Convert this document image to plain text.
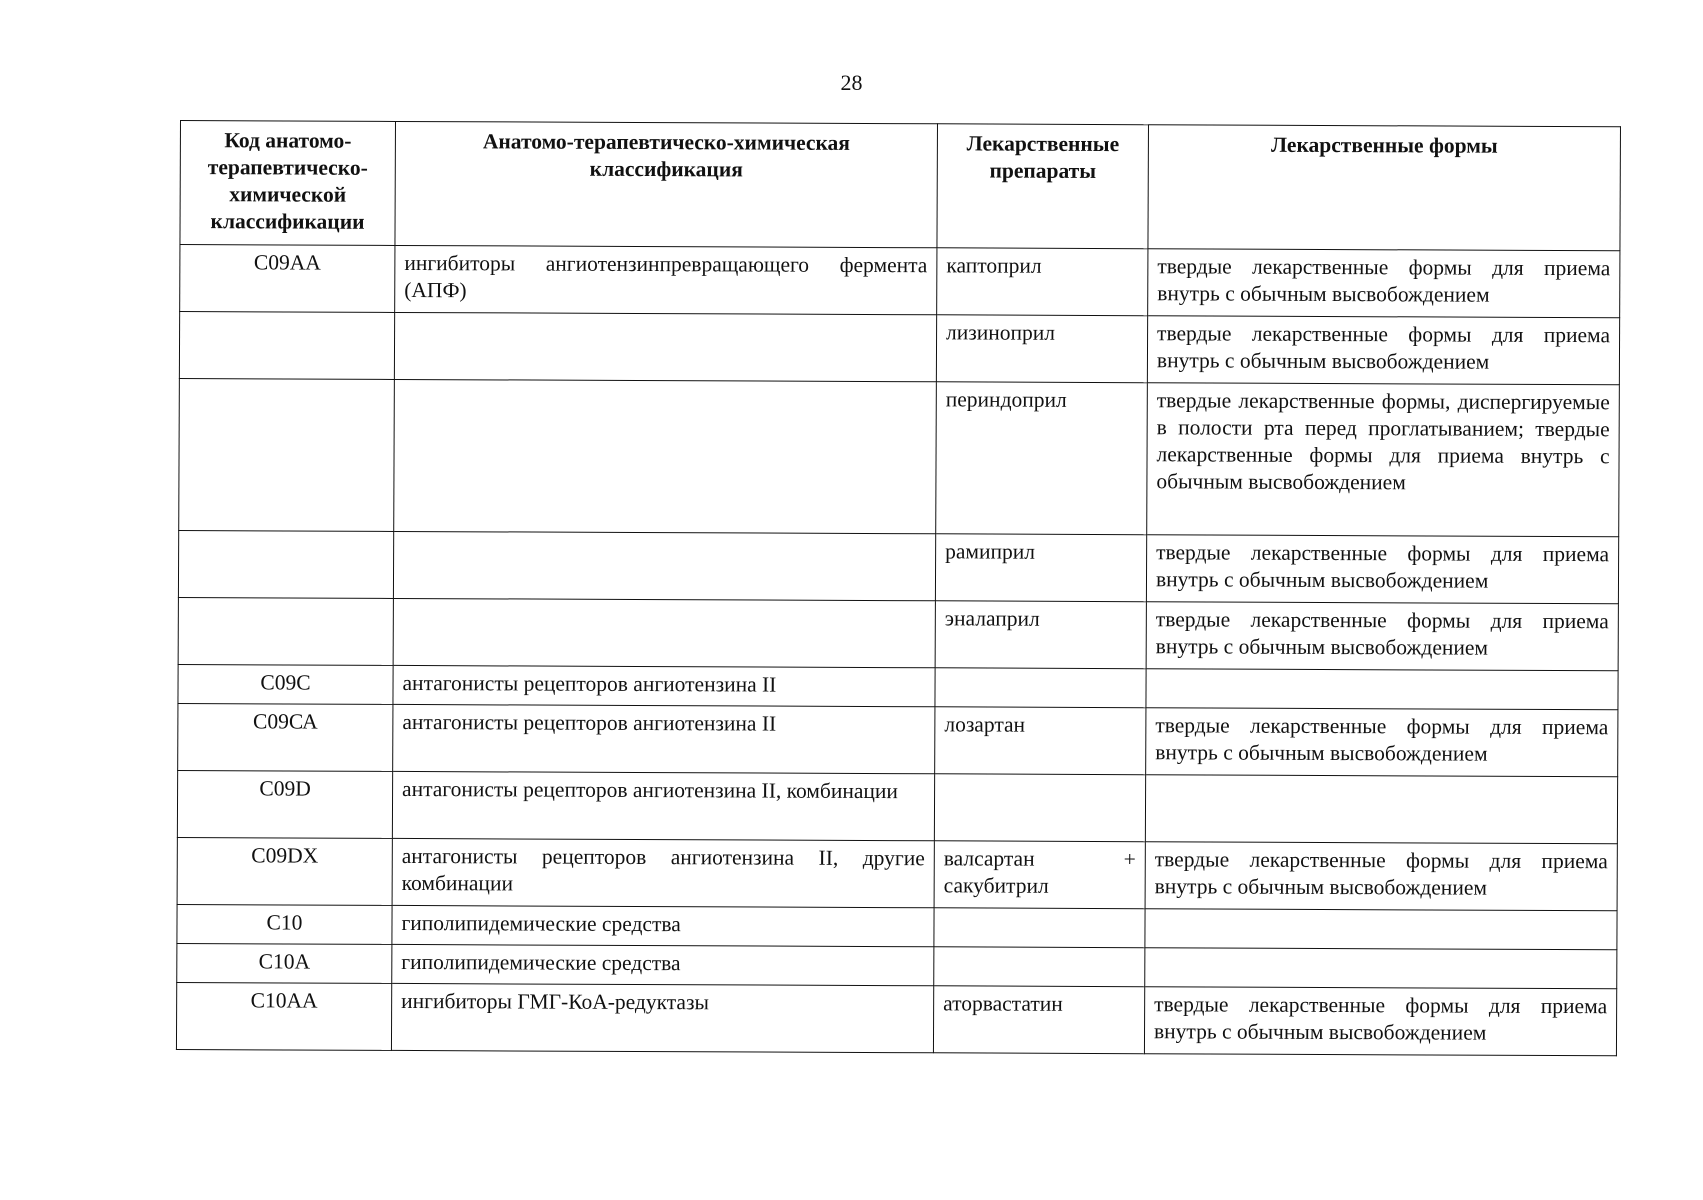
28
Код анатомо-терапевтическо-химической классификации	Анатомо-терапевтическо-химическая классификация	Лекарственные препараты	Лекарственные формы
С09АА	ингибиторы ангиотензинпревращающего фермента (АПФ)	каптоприл	твердые лекарственные формы для приема внутрь с обычным высвобождением
		лизиноприл	твердые лекарственные формы для приема внутрь с обычным высвобождением
		периндоприл	твердые лекарственные формы, диспергируемые в полости рта перед проглатыванием; твердые лекарственные формы для приема внутрь с обычным высвобождением
		рамиприл	твердые лекарственные формы для приема внутрь с обычным высвобождением
		эналаприл	твердые лекарственные формы для приема внутрь с обычным высвобождением
С09С	антагонисты рецепторов ангиотензина II		
С09СА	антагонисты рецепторов ангиотензина II	лозартан	твердые лекарственные формы для приема внутрь с обычным высвобождением
С09D	антагонисты рецепторов ангиотензина II, комбинации		
С09DX	антагонисты рецепторов ангиотензина II, другие комбинации	валсартан + сакубитрил	твердые лекарственные формы для приема внутрь с обычным высвобождением
С10	гиполипидемические средства		
С10А	гиполипидемические средства		
С10АА	ингибиторы ГМГ-КоА-редуктазы	аторвастатин	твердые лекарственные формы для приема внутрь с обычным высвобождением
